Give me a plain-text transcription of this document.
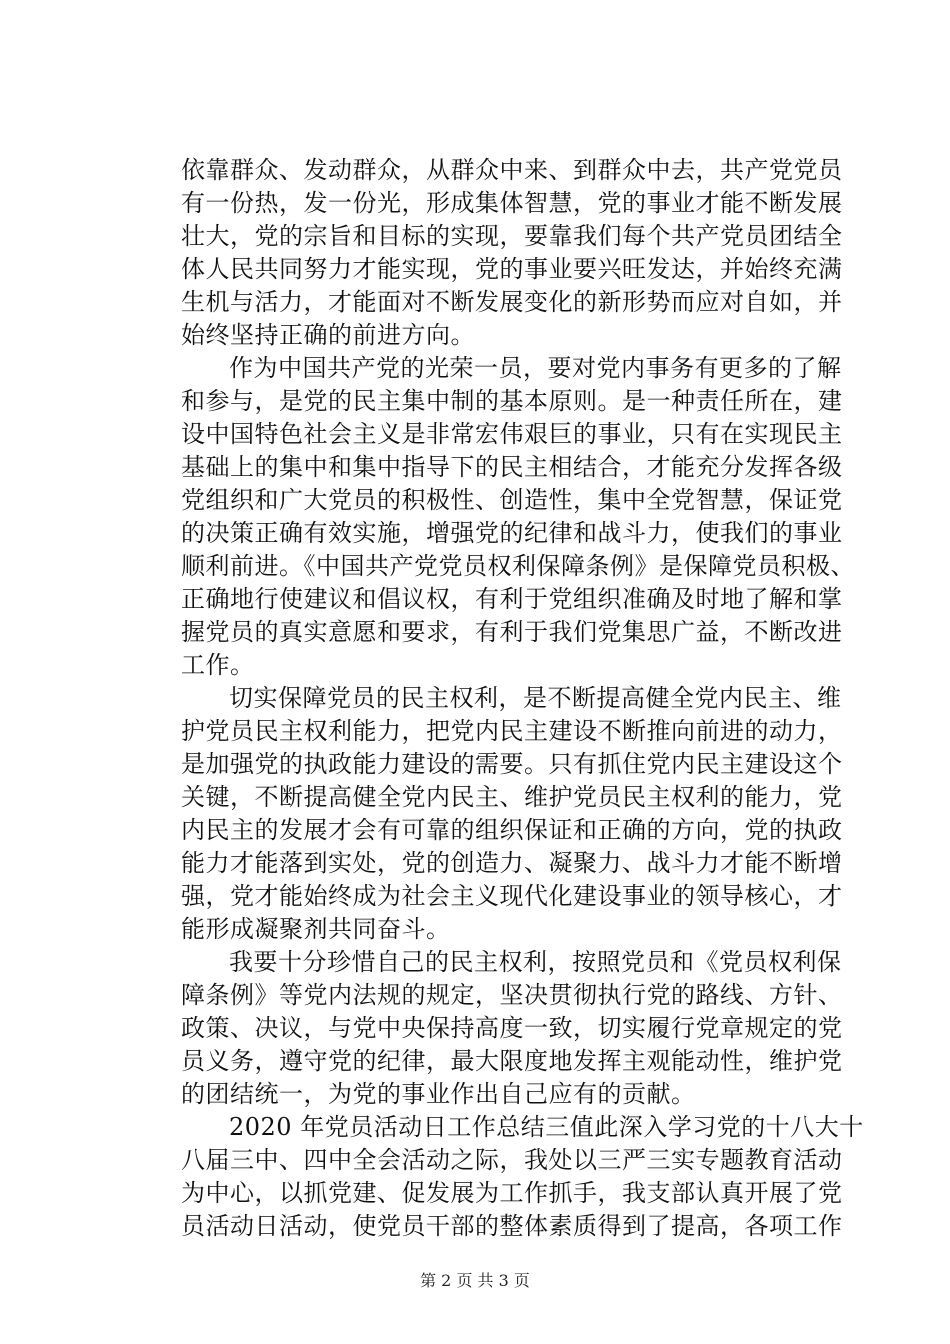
依靠群众、发动群众，从群众中来、到群众中去，共产党党员
有一份热，发一份光，形成集体智慧，党的事业才能不断发展
壮大，党的宗旨和目标的实现，要靠我们每个共产党员团结全
体人民共同努力才能实现，党的事业要兴旺发达，并始终充满
生机与活力，才能面对不断发展变化的新形势而应对自如，并
始终坚持正确的前进方向。
作为中国共产党的光荣一员，要对党内事务有更多的了解
和参与，是党的民主集中制的基本原则。是一种责任所在，建
设中国特色社会主义是非常宏伟艰巨的事业，只有在实现民主
基础上的集中和集中指导下的民主相结合，才能充分发挥各级
党组织和广大党员的积极性、创造性，集中全党智慧，保证党
的决策正确有效实施，增强党的纪律和战斗力，使我们的事业
顺利前进。《中国共产党党员权利保障条例》是保障党员积极、
正确地行使建议和倡议权，有利于党组织准确及时地了解和掌
握党员的真实意愿和要求，有利于我们党集思广益，不断改进
工作。
切实保障党员的民主权利，是不断提高健全党内民主、维
护党员民主权利能力，把党内民主建设不断推向前进的动力，
是加强党的执政能力建设的需要。只有抓住党内民主建设这个
关键，不断提高健全党内民主、维护党员民主权利的能力，党
内民主的发展才会有可靠的组织保证和正确的方向，党的执政
能力才能落到实处，党的创造力、凝聚力、战斗力才能不断增
强，党才能始终成为社会主义现代化建设事业的领导核心，才
能形成凝聚剂共同奋斗。
我要十分珍惜自己的民主权利，按照党员和《党员权利保
障条例》等党内法规的规定，坚决贯彻执行党的路线、方针、
政策、决议，与党中央保持高度一致，切实履行党章规定的党
员义务，遵守党的纪律，最大限度地发挥主观能动性，维护党
的团结统一，为党的事业作出自己应有的贡献。
2020 年党员活动日工作总结三值此深入学习党的十八大十
八届三中、四中全会活动之际，我处以三严三实专题教育活动
为中心，以抓党建、促发展为工作抓手，我支部认真开展了党
员活动日活动，使党员干部的整体素质得到了提高，各项工作
第 2 页 共 3 页
